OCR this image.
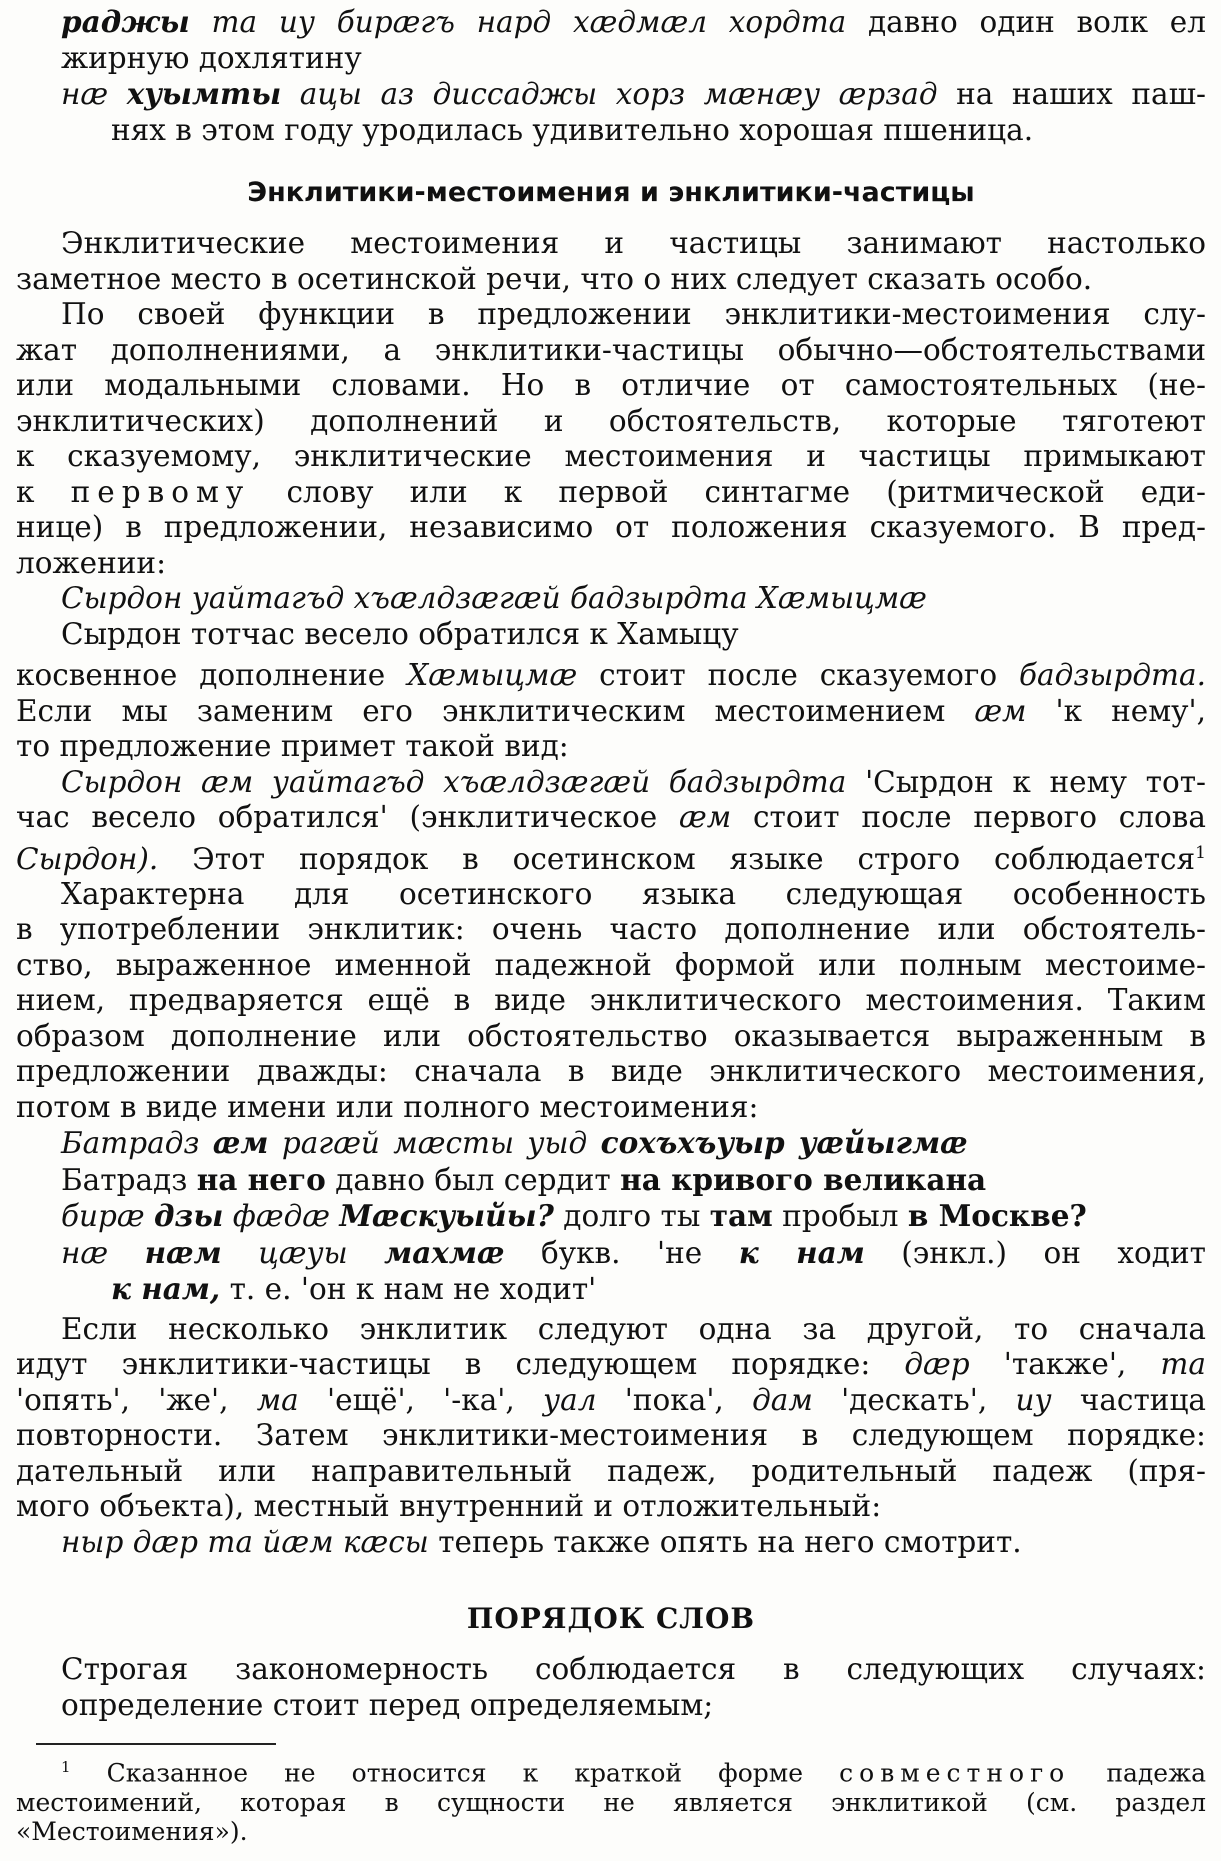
раджы та иу бирæгъ нард хæдмæл хордта давно один волк ел
жирную дохлятину
нæ хуымты ацы аз диссаджы хорз мæнæу æрзад на наших паш-
нях в этом году уродилась удивительно хорошая пшеница.
Энклитики-местоимения и энклитики-частицы
Энклитические местоимения и частицы занимают настолько
заметное место в осетинской речи, что о них следует сказать особо.
По своей функции в предложении энклитики-местоимения слу-
жат дополнениями, а энклитики-частицы обычно—обстоятельствами
или модальными словами. Но в отличие от самостоятельных (не-
энклитических) дополнений и обстоятельств, которые тяготеют
к сказуемому, энклитические местоимения и частицы примыкают
к первому слову или к первой синтагме (ритмической еди-
нице) в предложении, независимо от положения сказуемого. В пред-
ложении:
Сырдон уайтагъд хъæлдзæгæй бадзырдта Хæмыцмæ
Сырдон тотчас весело обратился к Хамыцу
косвенное дополнение Хæмыцмæ стоит после сказуемого бадзырдта.
Если мы заменим его энклитическим местоимением æм 'к нему',
то предложение примет такой вид:
Сырдон æм уайтагъд хъæлдзæгæй бадзырдта 'Сырдон к нему тот-
час весело обратился' (энклитическое æм стоит после первого слова
Сырдон). Этот порядок в осетинском языке строго соблюдается$^1$
Характерна для осетинского языка следующая особенность
в употреблении энклитик: очень часто дополнение или обстоятель-
ство, выраженное именной падежной формой или полным местоиме-
нием, предваряется ещё в виде энклитического местоимения. Таким
образом дополнение или обстоятельство оказывается выраженным в
предложении дважды: сначала в виде энклитического местоимения,
потом в виде имени или полного местоимения:
Батрадз æм рагæй мæсты уыд сохъхъуыр уæйыгмæ
Батрадз на него давно был сердит на кривого великана
бирæ дзы фæдæ Мæскуыйы? долго ты там пробыл в Москве?
нæ нæм цæуы махмæ букв. 'не к нам (энкл.) он ходит
к нам, т. е. 'он к нам не ходит'
Если несколько энклитик следуют одна за другой, то сначала
идут энклитики-частицы в следующем порядке: дæр 'также', та
'опять', 'же', ма 'ещё', '-ка', уал 'пока', дам 'дескать', иу частица
повторности. Затем энклитики-местоимения в следующем порядке:
дательный или направительный падеж, родительный падеж (пря-
мого объекта), местный внутренний и отложительный:
ныр дæр та йæм кæсы теперь также опять на него смотрит.
ПОРЯДОК СЛОВ
Строгая закономерность соблюдается в следующих случаях:
определение стоит перед определяемым;
$^1$ Сказанное не относится к краткой форме совместного падежа
местоимений, которая в сущности не является энклитикой (см. раздел
«Местоимения»).
